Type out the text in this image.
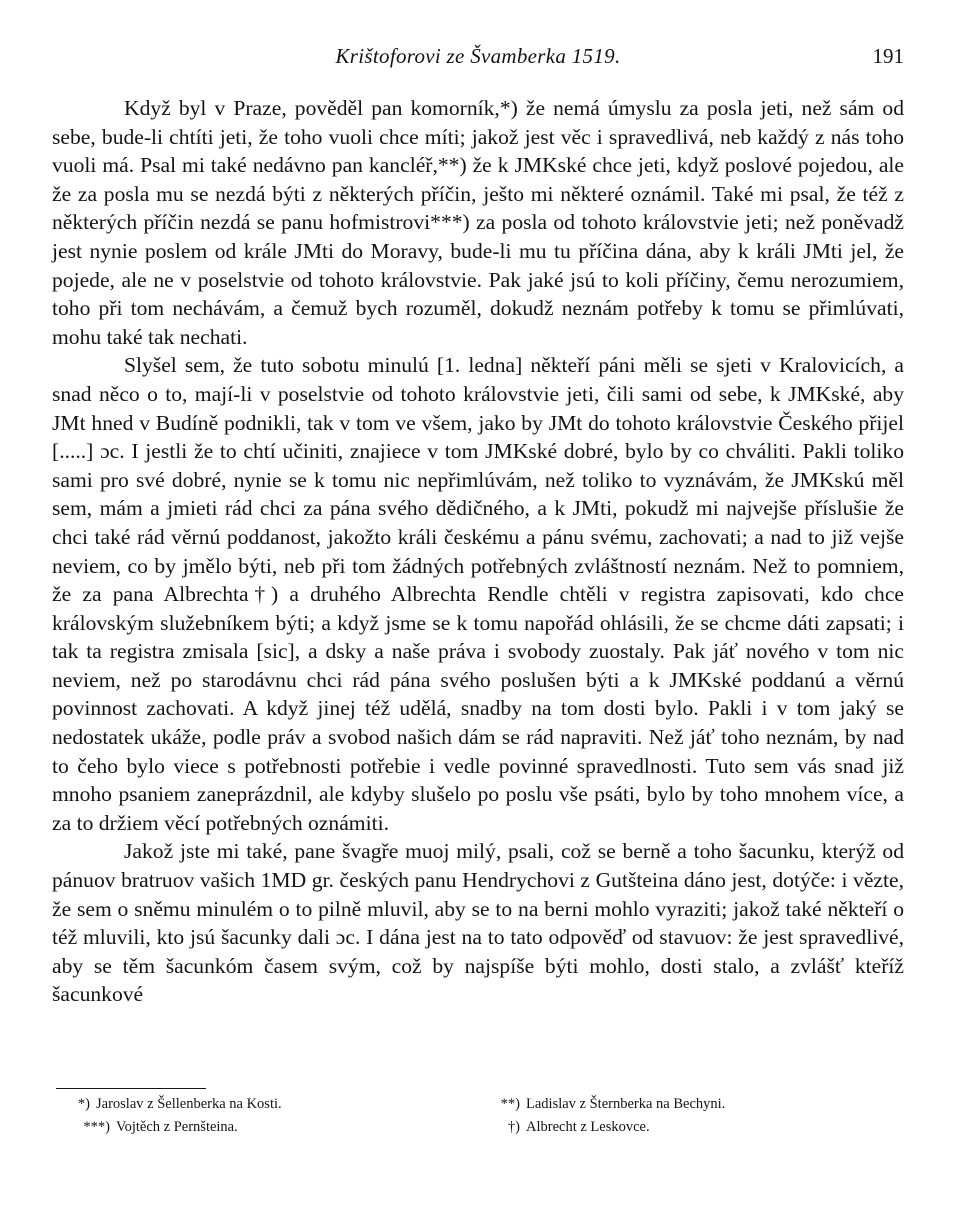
Krištoforovi ze Švamberka 1519.	191

Když byl v Praze, pověděl pan komorník,*) že nemá úmyslu za posla jeti, než sám od sebe, bude-li chtíti jeti, že toho vuoli chce míti; jakož jest věc i spravedlivá, neb každý z nás toho vuoli má. Psal mi také nedávno pan kancléř,**) že k JMKské chce jeti, když poslové pojedou, ale že za posla mu se nezdá býti z některých příčin, ješto mi některé oznámil. Také mi psal, že též z některých příčin nezdá se panu hofmistrovi***) za posla od tohoto královstvie jeti; než poněvadž jest nynie poslem od krále JMti do Moravy, bude-li mu tu příčina dána, aby k králi JMti jel, že pojede, ale ne v poselstvie od tohoto královstvie. Pak jaké jsú to koli příčiny, čemu nerozumiem, toho při tom nechávám, a čemuž bych rozuměl, dokudž neznám potřeby k tomu se přimlúvati, mohu také tak nechati.

Slyšel sem, že tuto sobotu minulú [1. ledna] někteří páni měli se sjeti v Kralovicích, a snad něco o to, mají-li v poselstvie od tohoto královstvie jeti, čili sami od sebe, k JMKské, aby JMt hned v Budíně podnikli, tak v tom ve všem, jako by JMt do tohoto královstvie Českého přijel [.....] ɔc. I jestli že to chtí učiniti, znajiece v tom JMKské dobré, bylo by co chváliti. Pakli toliko sami pro své dobré, nynie se k tomu nic nepřimlúvám, než toliko to vyznávám, že JMKskú měl sem, mám a jmieti rád chci za pána svého dědičného, a k JMti, pokudž mi najvejše příslušie že chci také rád věrnú poddanost, jakožto králi českému a pánu svému, zachovati; a nad to již vejše neviem, co by jmělo býti, neb při tom žádných potřebných zvláštností neznám. Než to pomniem, že za pana Albrechta†) a druhého Albrechta Rendle chtěli v registra zapisovati, kdo chce královským služebníkem býti; a když jsme se k tomu napořád ohlásili, že se chcme dáti zapsati; i tak ta registra zmisala [sic], a dsky a naše práva i svobody zuostaly. Pak jáť nového v tom nic neviem, než po starodávnu chci rád pána svého poslušen býti a k JMKské poddanú a věrnú povinnost zachovati. A když jinej též udělá, snadby na tom dosti bylo. Pakli i v tom jaký se nedostatek ukáže, podle práv a svobod našich dám se rád napraviti. Než jáť toho neznám, by nad to čeho bylo viece s potřebnosti potřebie i vedle povinné spravedlnosti. Tuto sem vás snad již mnoho psaniem zaneprázdnil, ale kdyby slušelo po poslu vše psáti, bylo by toho mnohem více, a za to držiem věcí potřebných oznámiti.

Jakož jste mi také, pane švagře muoj milý, psali, což se berně a toho šacunku, kterýž od pánuov bratruov vašich 1MD gr. českých panu Hendrychovi z Gutšteina dáno jest, dotýče: i vězte, že sem o sněmu minulém o to pilně mluvil, aby se to na berni mohlo vyraziti; jakož také někteří o též mluvili, kto jsú šacunky dali ɔc. I dána jest na to tato odpověď od stavuov: že jest spravedlivé, aby se těm šacunkóm časem svým, což by najspíše býti mohlo, dosti stalo, a zvlášť kteříž šacunkové

*) Jaroslav z Šellenberka na Kosti.	**) Ladislav z Šternberka na Bechyni.
***) Vojtěch z Pernšteina.	†) Albrecht z Leskovce.
